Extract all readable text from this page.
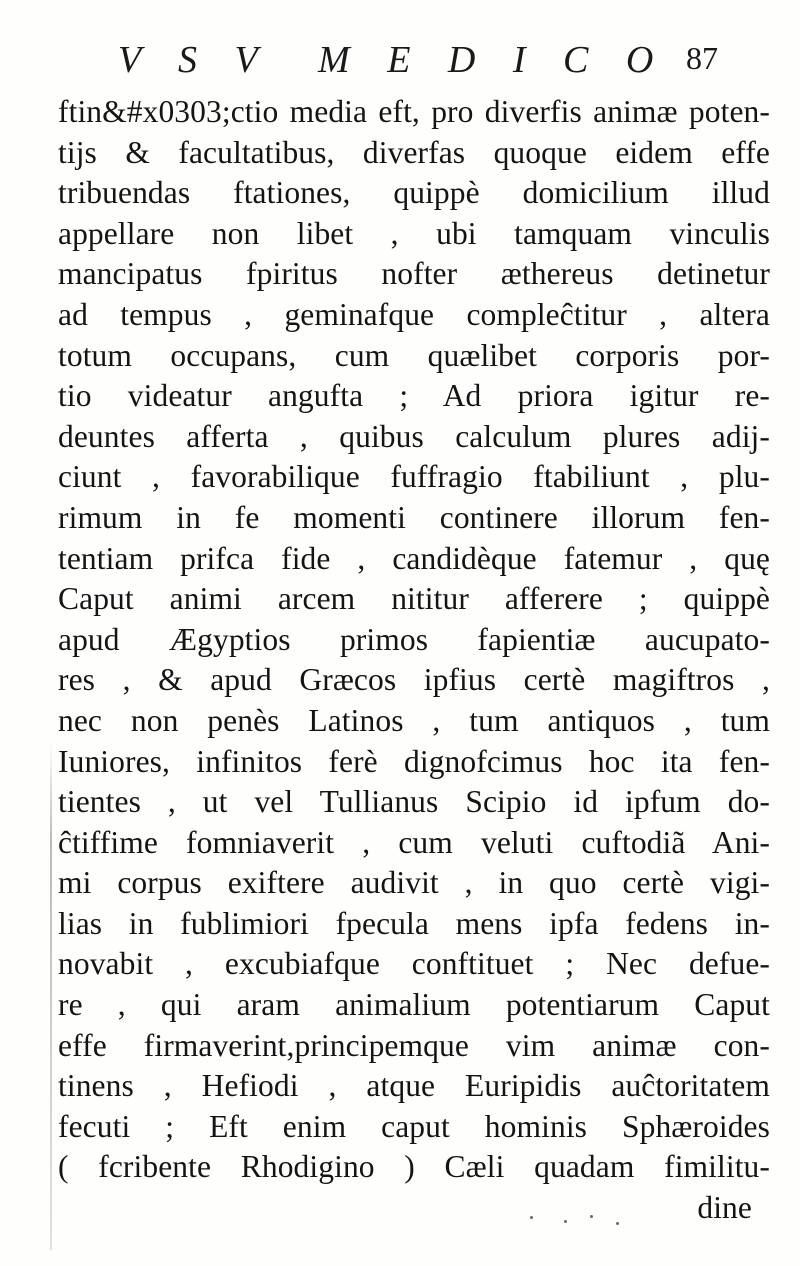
V S V  M E D I C O 87
ftin&#x0303;ctio media eft, pro diverfis animæ poten-
tijs & facultatibus, diverfas quoque eidem effe
tribuendas ftationes, quippè domicilium illud
appellare non libet , ubi tamquam vinculis
mancipatus fpiritus nofter æthereus detinetur
ad tempus , geminafque compleĉtitur , altera
totum occupans, cum quælibet corporis por-
tio videatur angufta ; Ad priora igitur re-
deuntes afferta , quibus calculum plures adij-
ciunt , favorabilique fuffragio ftabiliunt , plu-
rimum in fe momenti continere illorum fen-
tentiam prifca fide , candidèque fatemur , quę
Caput animi arcem nititur afferere ; quippè
apud Ægyptios primos fapientiæ aucupato-
res , & apud Græcos ipfius certè magiftros ,
nec non penès Latinos , tum antiquos , tum
Iuniores, infinitos ferè dignofcimus hoc ita fen-
tientes , ut vel Tullianus Scipio id ipfum do-
ĉtiffime fomniaverit , cum veluti cuftodiã Ani-
mi corpus exiftere audivit , in quo certè vigi-
lias in fublimiori fpecula mens ipfa fedens in-
novabit , excubiafque conftituet ; Nec defue-
re , qui aram animalium potentiarum Caput
effe firmaverint,principemque vim animæ con-
tinens , Hefiodi , atque Euripidis auĉtoritatem
fecuti ; Eft enim caput hominis Sphæroides
( fcribente Rhodigino ) Cæli quadam fimilitu-
dine
